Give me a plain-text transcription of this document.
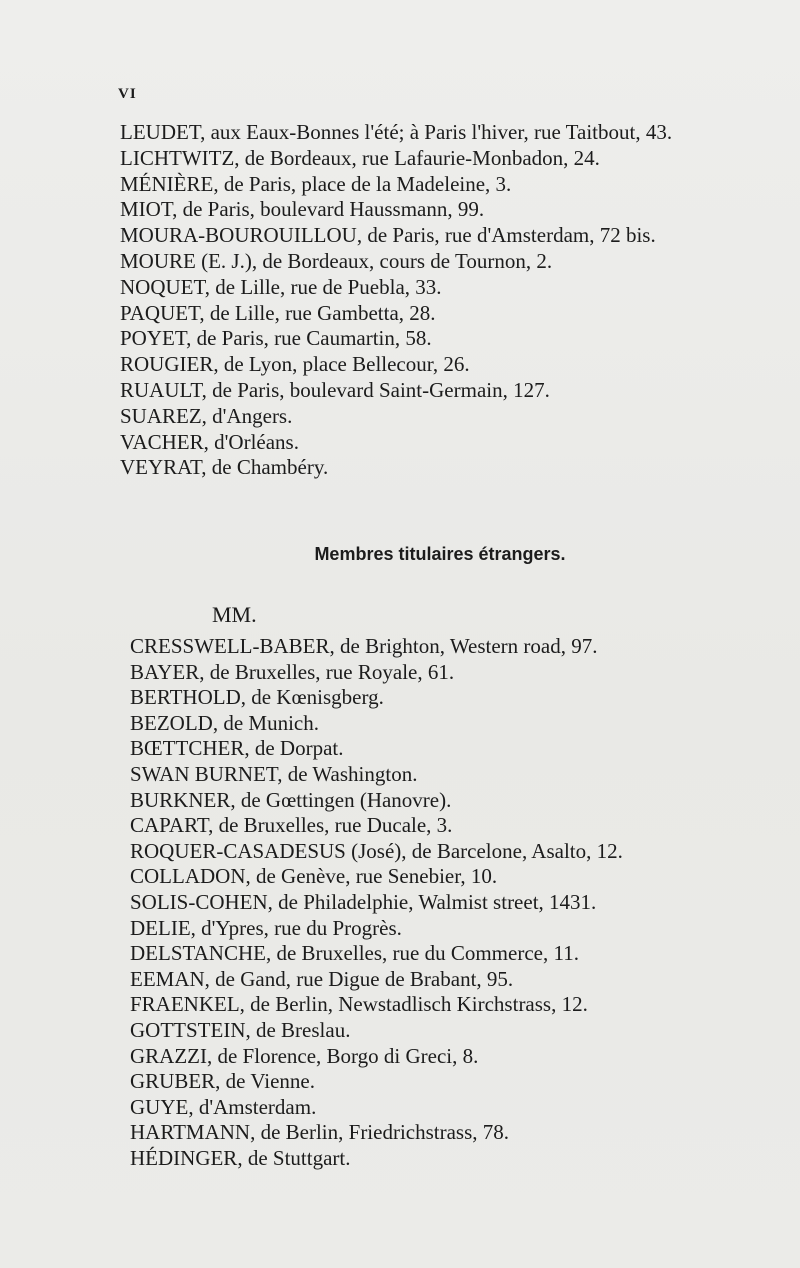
VI
LEUDET, aux Eaux-Bonnes l'été; à Paris l'hiver, rue Taitbout, 43.
LICHTWITZ, de Bordeaux, rue Lafaurie-Monbadon, 24.
MÉNIÈRE, de Paris, place de la Madeleine, 3.
MIOT, de Paris, boulevard Haussmann, 99.
MOURA-BOUROUILLOU, de Paris, rue d'Amsterdam, 72 bis.
MOURE (E. J.), de Bordeaux, cours de Tournon, 2.
NOQUET, de Lille, rue de Puebla, 33.
PAQUET, de Lille, rue Gambetta, 28.
POYET, de Paris, rue Caumartin, 58.
ROUGIER, de Lyon, place Bellecour, 26.
RUAULT, de Paris, boulevard Saint-Germain, 127.
SUAREZ, d'Angers.
VACHER, d'Orléans.
VEYRAT, de Chambéry.
Membres titulaires étrangers.
MM.
CRESSWELL-BABER, de Brighton, Western road, 97.
BAYER, de Bruxelles, rue Royale, 61.
BERTHOLD, de Kœnisgberg.
BEZOLD, de Munich.
BŒTTCHER, de Dorpat.
SWAN BURNET, de Washington.
BURKNER, de Gœttingen (Hanovre).
CAPART, de Bruxelles, rue Ducale, 3.
ROQUER-CASADESUS (José), de Barcelone, Asalto, 12.
COLLADON, de Genève, rue Senebier, 10.
SOLIS-COHEN, de Philadelphie, Walmist street, 1431.
DELIE, d'Ypres, rue du Progrès.
DELSTANCHE, de Bruxelles, rue du Commerce, 11.
EEMAN, de Gand, rue Digue de Brabant, 95.
FRAENKEL, de Berlin, Newstadlisch Kirchstrass, 12.
GOTTSTEIN, de Breslau.
GRAZZI, de Florence, Borgo di Greci, 8.
GRUBER, de Vienne.
GUYE, d'Amsterdam.
HARTMANN, de Berlin, Friedrichstrass, 78.
HÉDINGER, de Stuttgart.
